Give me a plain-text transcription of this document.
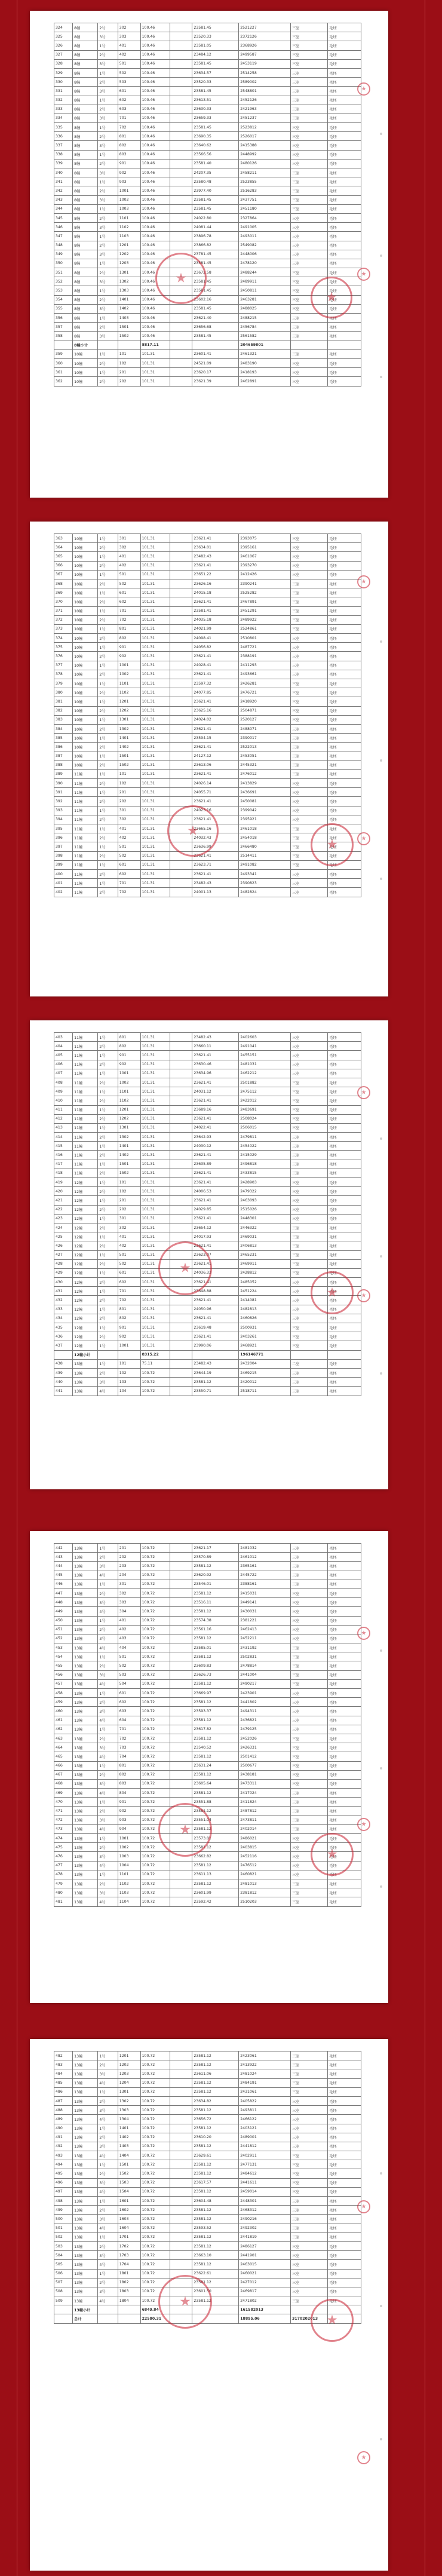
324	8幢	2号	302	100.46		23581.45	2521227	三室	毛坯
325	8幢	3号	303	100.46		23520.33	2372126	三室	毛坯
326	8幢	1号	401	100.46		23581.05	2368926	三室	毛坯
327	8幢	2号	402	100.46		23484.12	2499587	三室	毛坯
328	8幢	3号	501	100.46		23581.45	2453119	三室	毛坯
329	8幢	1号	502	100.46		23634.57	2514258	三室	毛坯
330	8幢	2号	503	100.46		23520.33	2589002	三室	毛坯
331	8幢	3号	601	100.46		23581.45	2548801	三室	毛坯
332	8幢	1号	602	100.46		23613.51	2452126	三室	毛坯
333	8幢	2号	603	100.46		23630.33	2421963	三室	毛坯
334	8幢	3号	701	100.46		23659.33	2451237	三室	毛坯
335	8幢	1号	702	100.46		23581.45	2523812	三室	毛坯
336	8幢	2号	801	100.46		23690.35	2526017	三室	毛坯
337	8幢	3号	802	100.46		23640.62	2415388	三室	毛坯
338	8幢	1号	803	100.46		23566.56	2448992	三室	毛坯
339	8幢	2号	901	100.46		23581.40	2480126	三室	毛坯
340	8幢	3号	902	100.46		24207.35	2458211	三室	毛坯
341	8幢	1号	903	100.46		23580.48	2523855	三室	毛坯
342	8幢	2号	1001	100.46		23977.40	2516283	三室	毛坯
343	8幢	3号	1002	100.46		23581.45	2437751	三室	毛坯
344	8幢	1号	1003	100.46		23581.45	2451180	三室	毛坯
345	8幢	2号	1101	100.46		24022.80	2327864	三室	毛坯
346	8幢	3号	1102	100.46		24081.44	2491005	三室	毛坯
347	8幢	1号	1103	100.46		23896.78	2493011	三室	毛坯
348	8幢	2号	1201	100.46		23866.82	2549082	三室	毛坯
349	8幢	3号	1202	100.46		23781.45	2448006	三室	毛坯
350	8幢	1号	1203	100.46		23581.45	2478120	三室	毛坯
351	8幢	2号	1301	100.46		23672.58	2488244	三室	毛坯
352	8幢	3号	1302	100.46		23581.45	2489911	三室	毛坯
353	8幢	1号	1303	100.46		23581.45	2450811	三室	毛坯
354	8幢	2号	1401	100.46		23602.16	2463281	三室	毛坯
355	8幢	3号	1402	100.46		23581.45	2488025	三室	毛坯
356	8幢	1号	1403	100.46		23621.40	2488215	三室	毛坯
357	8幢	2号	1501	100.46		23656.68	2456784	三室	毛坯
358	8幢	3号	1502	100.46		23581.45	2561582	三室	毛坯
	8幢小计			8817.11			204659801		
359	10幢	1号	101	101.31		23601.41	2461321	三室	毛坯
360	10幢	2号	102	101.31		24521.09	2483190	三室	毛坯
361	10幢	1号	201	101.31		23620.17	2418193	三室	毛坯
362	10幢	2号	202	101.31		23621.39	2462891	三室	毛坯
★
★
★
★
363	10幢	1号	301	101.31		23621.41	2393075	三室	毛坯
364	10幢	2号	302	101.31		23634.01	2395161	三室	毛坯
365	10幢	1号	401	101.31		23482.43	2461067	三室	毛坯
366	10幢	2号	402	101.31		23621.41	2393270	三室	毛坯
367	10幢	1号	501	101.31		23651.22	2412426	三室	毛坯
368	10幢	2号	502	101.31		23626.16	2390241	三室	毛坯
369	10幢	1号	601	101.31		24015.18	2525282	三室	毛坯
370	10幢	2号	602	101.31		23621.41	2467891	三室	毛坯
371	10幢	1号	701	101.31		23581.41	2451291	三室	毛坯
372	10幢	2号	702	101.31		24035.18	2489922	三室	毛坯
373	10幢	1号	801	101.31		24021.99	2524861	三室	毛坯
374	10幢	2号	802	101.31		24098.41	2510801	三室	毛坯
375	10幢	1号	901	101.31		24056.82	2487721	三室	毛坯
376	10幢	2号	902	101.31		23621.41	2388191	三室	毛坯
377	10幢	1号	1001	101.31		24028.41	2411293	三室	毛坯
378	10幢	2号	1002	101.31		23621.41	2493661	三室	毛坯
379	10幢	1号	1101	101.31		23597.32	2426281	三室	毛坯
380	10幢	2号	1102	101.31		24077.85	2476721	三室	毛坯
381	10幢	1号	1201	101.31		23621.41	2418920	三室	毛坯
382	10幢	2号	1202	101.31		23625.16	2504871	三室	毛坯
383	10幢	1号	1301	101.31		24024.02	2520127	三室	毛坯
384	10幢	2号	1302	101.31		23621.41	2488071	三室	毛坯
385	10幢	1号	1401	101.31		23594.15	2390017	三室	毛坯
386	10幢	2号	1402	101.31		23621.41	2522013	三室	毛坯
387	10幢	1号	1501	101.31		24127.12	2453051	三室	毛坯
388	10幢	2号	1502	101.31		23613.06	2445321	三室	毛坯
389	11幢	1号	101	101.31		23621.41	2476012	三室	毛坯
390	11幢	2号	102	101.31		24026.14	2413829	三室	毛坯
391	11幢	1号	201	101.31		24055.71	2436691	三室	毛坯
392	11幢	2号	202	101.31		23621.41	2450081	三室	毛坯
393	11幢	1号	301	101.31		24023.16	2399042	三室	毛坯
394	11幢	2号	302	101.31		23621.41	2395921	三室	毛坯
395	11幢	1号	401	101.31		23665.16	2461018	三室	毛坯
396	11幢	2号	402	101.31		24032.43	2454018	三室	毛坯
397	11幢	1号	501	101.31		23636.99	2466480	三室	毛坯
398	11幢	2号	502	101.31		23621.41	2514411	三室	毛坯
399	11幢	1号	601	101.31		23623.71	2491082	三室	毛坯
400	11幢	2号	602	101.31		23621.41	2493341	三室	毛坯
401	11幢	1号	701	101.31		23482.43	2390823	三室	毛坯
402	11幢	2号	702	101.31		24001.13	2482824	三室	毛坯
★
★
★
★
403	11幢	1号	801	101.31		23482.43	2402603	三室	毛坯
404	11幢	2号	802	101.31		23660.11	2491041	三室	毛坯
405	11幢	1号	901	101.31		23621.41	2455151	三室	毛坯
406	11幢	2号	902	101.31		23630.46	2481031	三室	毛坯
407	11幢	1号	1001	101.31		23634.96	2462212	三室	毛坯
408	11幢	2号	1002	101.31		23621.41	2501882	三室	毛坯
409	11幢	1号	1101	101.31		24031.12	2475112	三室	毛坯
410	11幢	2号	1102	101.31		23621.41	2422012	三室	毛坯
411	11幢	1号	1201	101.31		23689.16	2483691	三室	毛坯
412	11幢	2号	1202	101.31		23621.41	2508024	三室	毛坯
413	11幢	1号	1301	101.31		24022.41	2506015	三室	毛坯
414	11幢	2号	1302	101.31		23642.93	2479811	三室	毛坯
415	11幢	1号	1401	101.31		24030.12	2454022	三室	毛坯
416	11幢	2号	1402	101.31		23621.41	2415029	三室	毛坯
417	11幢	1号	1501	101.31		23635.89	2496818	三室	毛坯
418	11幢	2号	1502	101.31		23621.41	2433815	三室	毛坯
419	12幢	1号	101	101.31		23621.41	2428903	三室	毛坯
420	12幢	2号	102	101.31		24006.53	2479322	三室	毛坯
421	12幢	1号	201	101.31		23621.41	2463093	三室	毛坯
422	12幢	2号	202	101.31		24029.85	2515026	三室	毛坯
423	12幢	1号	301	101.31		23621.41	2448301	三室	毛坯
424	12幢	2号	302	101.31		23654.12	2446322	三室	毛坯
425	12幢	1号	401	101.31		24017.93	2469031	三室	毛坯
426	12幢	2号	402	101.31		23621.41	2406813	三室	毛坯
427	12幢	1号	501	101.31		23623.07	2465231	三室	毛坯
428	12幢	2号	502	101.31		23621.41	2469911	三室	毛坯
429	12幢	1号	601	101.31		24036.33	2428812	三室	毛坯
430	12幢	2号	602	101.31		23621.41	2485052	三室	毛坯
431	12幢	1号	701	101.31		23648.88	2451224	三室	毛坯
432	12幢	2号	702	101.31		23621.41	2414081	三室	毛坯
433	12幢	1号	801	101.31		24050.96	2482813	三室	毛坯
434	12幢	2号	802	101.31		23621.41	2460826	三室	毛坯
435	12幢	1号	901	101.31		23619.48	2500931	三室	毛坯
436	12幢	2号	902	101.31		23621.41	2403261	三室	毛坯
437	12幢	1号	1001	101.31		23990.06	2468921	三室	毛坯
	12幢小计			8315.22			196146771		
438	13幢	1号	101	75.11		23482.43	2432004	二室	毛坯
439	13幢	2号	102	100.72		23644.19	2469215	三室	毛坯
440	13幢	3号	103	100.72		23581.12	2420012	三室	毛坯
441	13幢	4号	104	100.72		23550.71	2518711	三室	毛坯
★
★
★
★
442	13幢	1号	201	100.72		23621.17	2481032	三室	毛坯
443	13幢	2号	202	100.72		23570.89	2461012	三室	毛坯
444	13幢	3号	203	100.72		23581.12	2365161	三室	毛坯
445	13幢	4号	204	100.72		23620.92	2445722	三室	毛坯
446	13幢	1号	301	100.72		23546.01	2388161	三室	毛坯
447	13幢	2号	302	100.72		23581.12	2415031	三室	毛坯
448	13幢	3号	303	100.72		23516.11	2449141	三室	毛坯
449	13幢	4号	304	100.72		23581.12	2430031	三室	毛坯
450	13幢	1号	401	100.72		23574.38	2381221	三室	毛坯
451	13幢	2号	402	100.72		23561.16	2462413	三室	毛坯
452	13幢	3号	403	100.72		23581.12	2452211	三室	毛坯
453	13幢	4号	404	100.72		23585.01	2431192	三室	毛坯
454	13幢	1号	501	100.72		23581.12	2502831	三室	毛坯
455	13幢	2号	502	100.72		23609.83	2478814	三室	毛坯
456	13幢	3号	503	100.72		23626.73	2441004	三室	毛坯
457	13幢	4号	504	100.72		23581.12	2490217	三室	毛坯
458	13幢	1号	601	100.72		23669.97	2423901	三室	毛坯
459	13幢	2号	602	100.72		23581.12	2441802	三室	毛坯
460	13幢	3号	603	100.72		23593.37	2494311	三室	毛坯
461	13幢	4号	604	100.72		23581.12	2436821	三室	毛坯
462	13幢	1号	701	100.72		23617.82	2479125	三室	毛坯
463	13幢	2号	702	100.72		23581.12	2452026	三室	毛坯
464	13幢	3号	703	100.72		23540.52	2426331	三室	毛坯
465	13幢	4号	704	100.72		23581.12	2501412	三室	毛坯
466	13幢	1号	801	100.72		23631.24	2500677	三室	毛坯
467	13幢	2号	802	100.72		23581.12	2438181	三室	毛坯
468	13幢	3号	803	100.72		23605.64	2473311	三室	毛坯
469	13幢	4号	804	100.72		23581.12	2417024	三室	毛坯
470	13幢	1号	901	100.72		23551.88	2411824	三室	毛坯
471	13幢	2号	902	100.72		23581.12	2487812	三室	毛坯
472	13幢	3号	903	100.72		23551.04	2473811	三室	毛坯
473	13幢	4号	904	100.72		23581.12	2402014	三室	毛坯
474	13幢	1号	1001	100.72		23573.01	2486021	三室	毛坯
475	13幢	2号	1002	100.72		23581.12	2403815	三室	毛坯
476	13幢	3号	1003	100.72		23662.82	2452116	三室	毛坯
477	13幢	4号	1004	100.72		23581.12	2476512	三室	毛坯
478	13幢	1号	1101	100.72		23611.13	2460821	三室	毛坯
479	13幢	2号	1102	100.72		23581.12	2481013	三室	毛坯
480	13幢	3号	1103	100.72		23601.99	2381812	三室	毛坯
481	13幢	4号	1104	100.72		23592.42	2510203	三室	毛坯
★
★
★
★
482	13幢	1号	1201	100.72		23581.12	2423061	三室	毛坯
483	13幢	2号	1202	100.72		23581.12	2413922	三室	毛坯
484	13幢	3号	1203	100.72		23611.06	2481024	三室	毛坯
485	13幢	4号	1204	100.72		23581.12	2484191	三室	毛坯
486	13幢	1号	1301	100.72		23581.12	2431061	三室	毛坯
487	13幢	2号	1302	100.72		23634.82	2405822	三室	毛坯
488	13幢	3号	1303	100.72		23581.12	2493811	三室	毛坯
489	13幢	4号	1304	100.72		23656.72	2466122	三室	毛坯
490	13幢	1号	1401	100.72		23581.12	2403121	三室	毛坯
491	13幢	2号	1402	100.72		23610.20	2489001	三室	毛坯
492	13幢	3号	1403	100.72		23581.12	2441812	三室	毛坯
493	13幢	4号	1404	100.72		23629.61	2402911	三室	毛坯
494	13幢	1号	1501	100.72		23581.12	2477131	三室	毛坯
495	13幢	2号	1502	100.72		23581.12	2484612	三室	毛坯
496	13幢	3号	1503	100.72		23617.57	2441611	三室	毛坯
497	13幢	4号	1504	100.72		23581.12	2459014	三室	毛坯
498	13幢	1号	1601	100.72		23604.48	2448301	三室	毛坯
499	13幢	2号	1602	100.72		23581.12	2468312	三室	毛坯
500	13幢	3号	1603	100.72		23581.12	2490216	三室	毛坯
501	13幢	4号	1604	100.72		23593.52	2492302	三室	毛坯
502	13幢	1号	1701	100.72		23581.12	2441819	三室	毛坯
503	13幢	2号	1702	100.72		23581.12	2486127	三室	毛坯
504	13幢	3号	1703	100.72		23663.10	2441901	三室	毛坯
505	13幢	4号	1704	100.72		23581.12	2463015	三室	毛坯
506	13幢	1号	1801	100.72		23622.61	2460021	三室	毛坯
507	13幢	2号	1802	100.72		23581.12	2427012	三室	毛坯
508	13幢	3号	1803	100.72		23601.50	2469817	三室	毛坯
509	13幢	4号	1804	100.72		23581.12	2471802	三室	毛坯
	13幢小计			6849.84			161582013		
	总计			22580.31			18895.06	3170202013	
★
★
★
★
